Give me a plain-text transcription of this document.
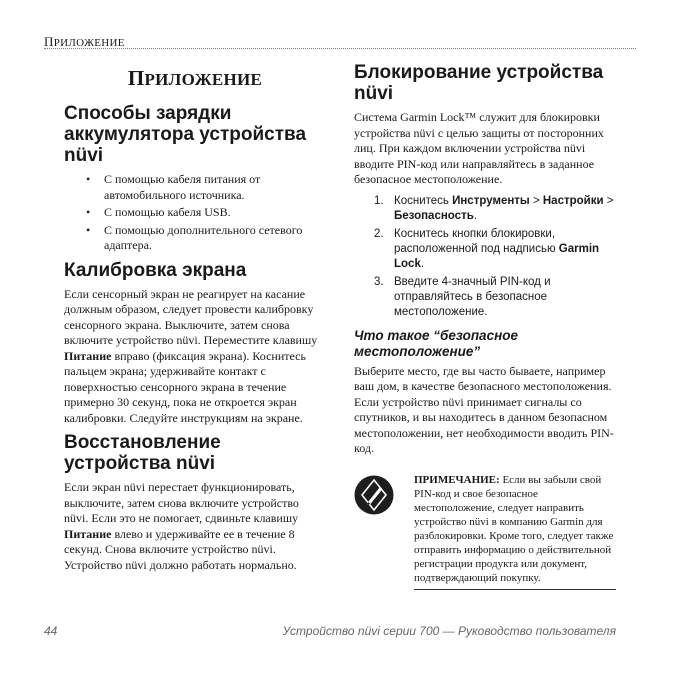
ПРИЛОЖЕНИЕ
ПРИЛОЖЕНИЕ
Способы зарядки аккумулятора устройства nüvi
• С помощью кабеля питания от автомобильного источника.
• С помощью кабеля USB.
• С помощью дополнительного сетевого адаптера.
Калибровка экрана

Если сенсорный экран не реагирует на касание должным образом, следует провести калибровку сенсорного экрана. Выключите, затем снова включите устройство nüvi. Переместите клавишу Питание вправо (фиксация экрана). Коснитесь пальцем экрана; удерживайте контакт с поверхностью сенсорного экрана в течение примерно 30 секунд, пока не откроется экран калибровки. Следуйте инструкциям на экране.

Восстановление устройства nüvi

Если экран nüvi перестает функционировать, выключите, затем снова включите устройство nüvi. Если это не помогает, сдвиньте клавишу Питание влево и удерживайте ее в течение 8 секунд. Снова включите устройство nüvi. Устройство nüvi должно работать нормально.

Блокирование устройства nüvi

Система Garmin Lock™ служит для блокировки устройства nüvi с целью защиты от посторонних лиц. При каждом включении устройства nüvi вводите PIN-код или направляйтесь в заданное безопасное местоположение.

1. Коснитесь Инструменты > Настройки > Безопасность.
2. Коснитесь кнопки блокировки, расположенной под надписью Garmin Lock.
3. Введите 4-значный PIN-код и отправляйтесь в безопасное местоположение.
Что такое “безопасное местоположение”

Выберите место, где вы часто бываете, например ваш дом, в качестве безопасного местоположения. Если устройство nüvi принимает сигналы со спутников, и вы находитесь в данном безопасном местоположении, нет необходимости вводить PIN-код.

ПРИМЕЧАНИЕ: Если вы забыли свой PIN-код и свое безопасное местоположение, следует направить устройство nüvi в компанию Garmin для разблокировки. Кроме того, следует также отправить информацию о действительной регистрации продукта или документ, подтверждающий покупку.
44	Устройство nüvi серии 700 — Руководство пользователя
